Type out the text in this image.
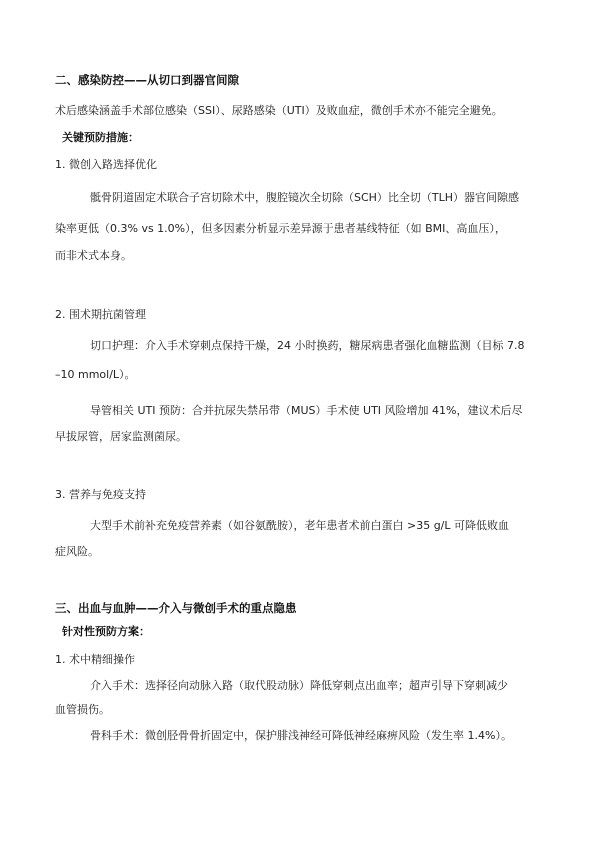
二、感染防控——从切口到器官间隙
术后感染涵盖手术部位感染（SSI）、尿路感染（UTI）及败血症，微创手术亦不能完全避免。
关键预防措施：
1. 微创入路选择优化
骶骨阴道固定术联合子宫切除术中，腹腔镜次全切除（SCH）比全切（TLH）器官间隙感
染率更低（0.3% vs 1.0%），但多因素分析显示差异源于患者基线特征（如 BMI、高血压），
而非术式本身。
2. 围术期抗菌管理
切口护理：介入手术穿刺点保持干燥，24 小时换药，糖尿病患者强化血糖监测（目标 7.8
–10 mmol/L）。
导管相关 UTI 预防：合并抗尿失禁吊带（MUS）手术使 UTI 风险增加 41%，建议术后尽
早拔尿管，居家监测菌尿。
3. 营养与免疫支持
大型手术前补充免疫营养素（如谷氨酰胺），老年患者术前白蛋白 >35 g/L 可降低败血
症风险。
三、出血与血肿——介入与微创手术的重点隐患
针对性预防方案：
1. 术中精细操作
介入手术：选择径向动脉入路（取代股动脉）降低穿刺点出血率；超声引导下穿刺减少
血管损伤。
骨科手术：微创胫骨骨折固定中，保护腓浅神经可降低神经麻痹风险（发生率 1.4%）。
